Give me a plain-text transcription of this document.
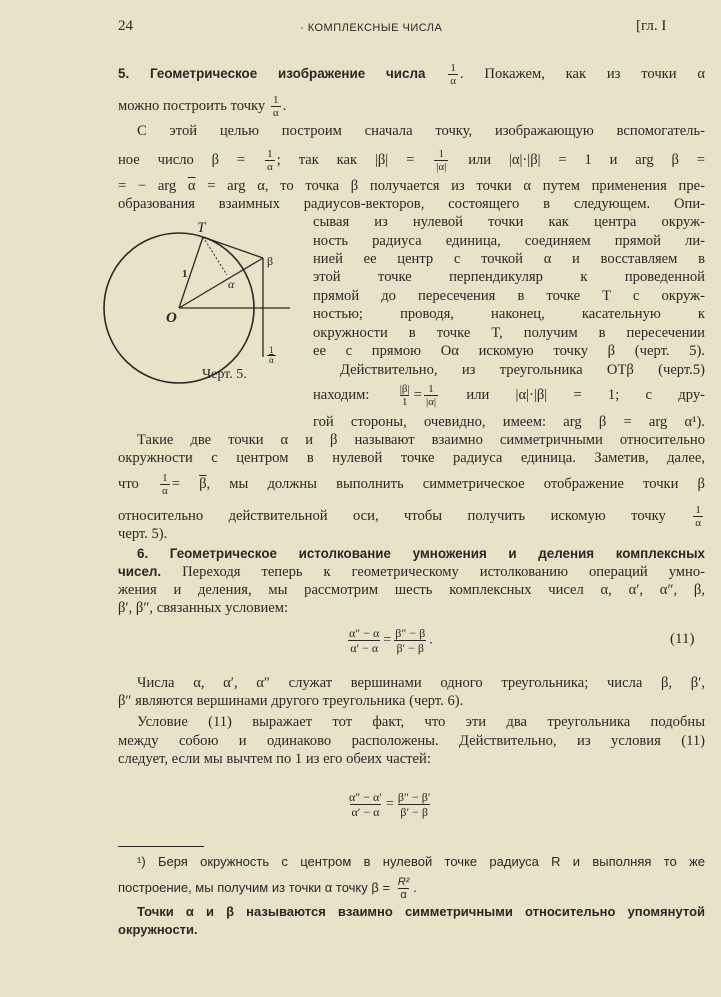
24	· КОМПЛЕКСНЫЕ ЧИСЛА	[гл. I
5. Геометрическое изображение числа $\frac{1}{\alpha}$ . Покажем, как из точки α
можно построить точку $\frac{1}{\alpha}$ .
С этой целью построим сначала точку, изображающую вспомогатель-
ное число $\beta = \frac{1}{\alpha}$ ; так как $|\beta| = \frac{1}{|\alpha|}$ или |α|·|β| = 1 и arg β =
= − arg $\overline{\alpha}$ = arg α, то точка β получается из точки α путем применения пре-
образования взаимных радиусов-векторов, состоящего в следующем. Опи-
сывая из нулевой точки как центра окруж-
ность радиуса единица, соединяем прямой ли-
нией ее центр с точкой α и восставляем в
этой точке перпендикуляр к проведенной
прямой до пересечения в точке T с окруж-
ностью; проводя, наконец, касательную к
окружности в точке T, получим в пересечении
ее с прямою Oα искомую точку β (черт. 5).
Действительно, из треугольника OTβ (черт.5)
находим:	$\frac{|\beta|}{1} = \frac{1}{|\alpha|}$ или |α|·|β| = 1; с дру-
гой стороны, очевидно, имеем: arg β = arg α¹).
T
O
1
α
β
$\frac{1}{\alpha}$
Черт. 5.
Такие две точки α и β называют взаимно симметричными относительно
окружности с центром в нулевой точке радиуса единица. Заметив, далее,
что $\frac{1}{\alpha} = \overline{\beta}$, мы должны выполнить симметрическое отображение точки β
относительно действительной оси, чтобы получить искомую точку $\frac{1}{\alpha}$
черт. 5).
6. Геометрическое истолкование умножения и деления комплексных
чисел. Переходя теперь к геометрическому истолкованию операций умно-
жения и деления, мы рассмотрим шесть комплексных чисел α, α′, α″, β,
β′, β″, связанных условием:
$\frac{\alpha'' - \alpha}{\alpha' - \alpha} = \frac{\beta'' - \beta}{\beta' - \beta}$ .	(11)
Числа α, α′, α″ служат вершинами одного треугольника; числа β, β′,
β″ являются вершинами другого треугольника (черт. 6).
Условие (11) выражает тот факт, что эти два треугольника подобны
между собою и одинаково расположены. Действительно, из условия (11)
следует, если мы вычтем по 1 из его обеих частей:
$\frac{\alpha'' - \alpha'}{\alpha' - \alpha} = \frac{\beta'' - \beta'}{\beta' - \beta}$
¹) Беря окружность с центром в нулевой точке радиуса R и выполняя то же
построение, мы получим из точки α точку $\beta = \frac{\text{R²}}{\alpha}$ .
Точки α и β называются взаимно симметричными относительно упомянутой
окружности.
